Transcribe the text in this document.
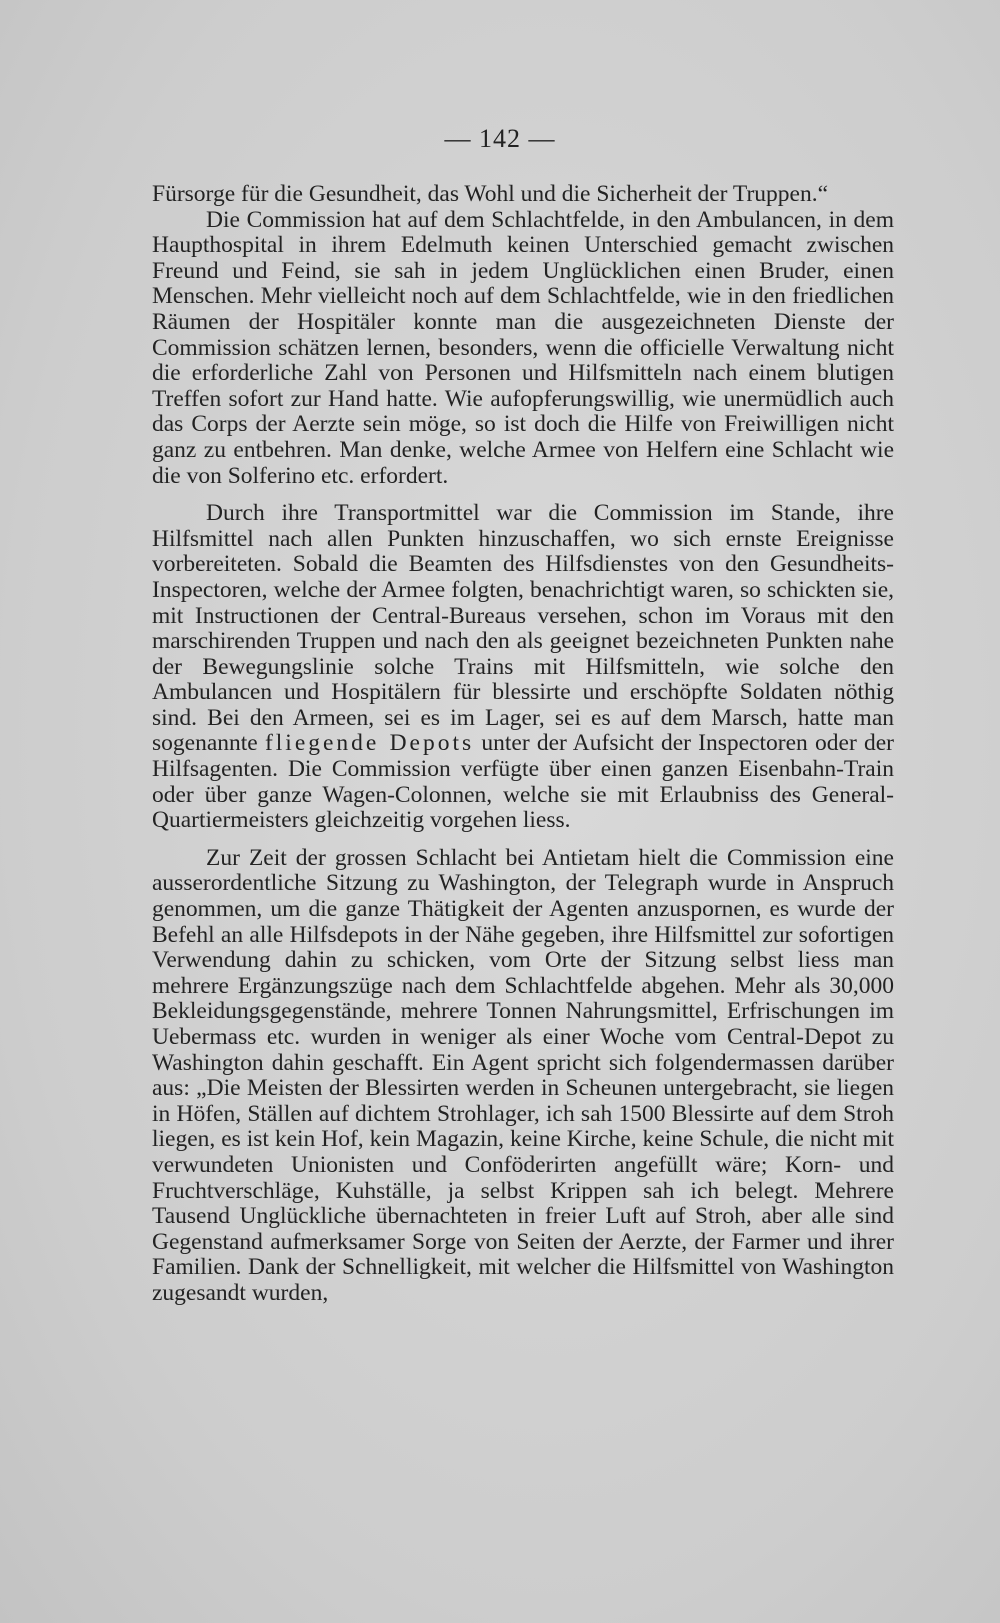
— 142 —

Fürsorge für die Gesundheit, das Wohl und die Sicherheit der Truppen.“

Die Commission hat auf dem Schlachtfelde, in den Ambulancen, in dem Haupthospital in ihrem Edelmuth keinen Unterschied gemacht zwischen Freund und Feind, sie sah in jedem Unglücklichen einen Bruder, einen Menschen. Mehr vielleicht noch auf dem Schlachtfelde, wie in den friedlichen Räumen der Hospitäler konnte man die ausgezeichneten Dienste der Commission schätzen lernen, besonders, wenn die officielle Verwaltung nicht die erforderliche Zahl von Personen und Hilfsmitteln nach einem blutigen Treffen sofort zur Hand hatte. Wie aufopferungswillig, wie unermüdlich auch das Corps der Aerzte sein möge, so ist doch die Hilfe von Freiwilligen nicht ganz zu entbehren. Man denke, welche Armee von Helfern eine Schlacht wie die von Solferino etc. erfordert.

Durch ihre Transportmittel war die Commission im Stande, ihre Hilfsmittel nach allen Punkten hinzuschaffen, wo sich ernste Ereignisse vorbereiteten. Sobald die Beamten des Hilfsdienstes von den Gesundheits-Inspectoren, welche der Armee folgten, benachrichtigt waren, so schickten sie, mit Instructionen der Central-Bureaus versehen, schon im Voraus mit den marschirenden Truppen und nach den als geeignet bezeichneten Punkten nahe der Bewegungslinie solche Trains mit Hilfsmitteln, wie solche den Ambulancen und Hospitälern für blessirte und erschöpfte Soldaten nöthig sind. Bei den Armeen, sei es im Lager, sei es auf dem Marsch, hatte man sogenannte fliegende Depots unter der Aufsicht der Inspectoren oder der Hilfsagenten. Die Commission verfügte über einen ganzen Eisenbahn-Train oder über ganze Wagen-Colonnen, welche sie mit Erlaubniss des General-Quartiermeisters gleichzeitig vorgehen liess.

Zur Zeit der grossen Schlacht bei Antietam hielt die Commission eine ausserordentliche Sitzung zu Washington, der Telegraph wurde in Anspruch genommen, um die ganze Thätigkeit der Agenten anzuspornen, es wurde der Befehl an alle Hilfsdepots in der Nähe gegeben, ihre Hilfsmittel zur sofortigen Verwendung dahin zu schicken, vom Orte der Sitzung selbst liess man mehrere Ergänzungszüge nach dem Schlachtfelde abgehen. Mehr als 30,000 Bekleidungsgegenstände, mehrere Tonnen Nahrungsmittel, Erfrischungen im Uebermass etc. wurden in weniger als einer Woche vom Central-Depot zu Washington dahin geschafft. Ein Agent spricht sich folgendermassen darüber aus: „Die Meisten der Blessirten werden in Scheunen untergebracht, sie liegen in Höfen, Ställen auf dichtem Strohlager, ich sah 1500 Blessirte auf dem Stroh liegen, es ist kein Hof, kein Magazin, keine Kirche, keine Schule, die nicht mit verwundeten Unionisten und Conföderirten angefüllt wäre; Korn- und Fruchtverschläge, Kuhställe, ja selbst Krippen sah ich belegt. Mehrere Tausend Unglückliche übernachteten in freier Luft auf Stroh, aber alle sind Gegenstand aufmerksamer Sorge von Seiten der Aerzte, der Farmer und ihrer Familien. Dank der Schnelligkeit, mit welcher die Hilfsmittel von Washington zugesandt wurden,
